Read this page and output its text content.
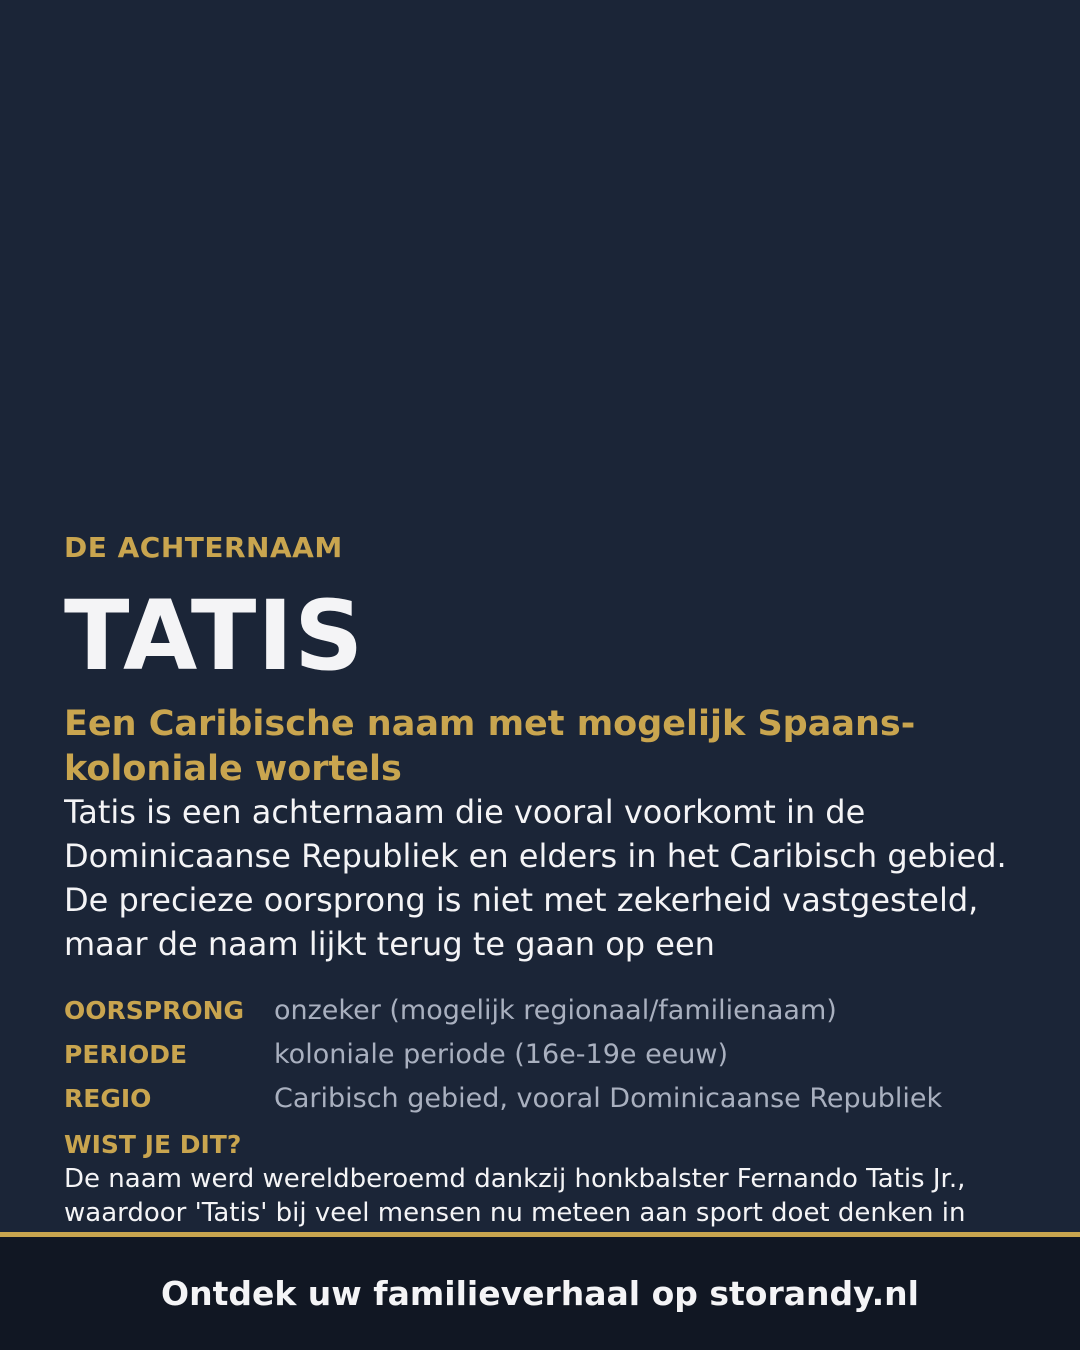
DE ACHTERNAAM

TATIS
Een Caribische naam met mogelijk Spaans-koloniale wortels

Tatis is een achternaam die vooral voorkomt in de Dominicaanse Republiek en elders in het Caribisch gebied. De precieze oorsprong is niet met zekerheid vastgesteld, maar de naam lijkt terug te gaan op een

OORSPRONG	onzeker (mogelijk regionaal/familienaam)
PERIODE	koloniale periode (16e-19e eeuw)
REGIO	Caribisch gebied, vooral Dominicaanse Republiek

WIST JE DIT?

De naam werd wereldberoemd dankzij honkbalster Fernando Tatis Jr., waardoor 'Tatis' bij veel mensen nu meteen aan sport doet denken in

Ontdek uw familieverhaal op storandy.nl
